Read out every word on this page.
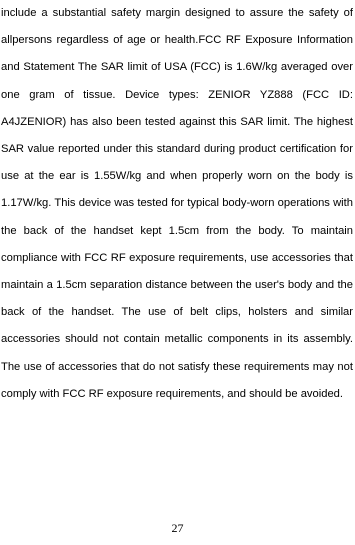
include a substantial safety margin designed to assure the safety of allpersons regardless of age or health.FCC RF Exposure Information and Statement The SAR limit of USA (FCC) is 1.6W/kg averaged over one gram of tissue. Device types: ZENIOR YZ888 (FCC ID: A4JZENIOR) has also been tested against this SAR limit. The highest SAR value reported under this standard during product certification for use at the ear is 1.55W/kg and when properly worn on the body is 1.17W/kg. This device was tested for typical body-worn operations with the back of the handset kept 1.5cm from the body. To maintain compliance with FCC RF exposure requirements, use accessories that maintain a 1.5cm separation distance between the user's body and the back of the handset. The use of belt clips, holsters and similar accessories should not contain metallic components in its assembly. The use of accessories that do not satisfy these requirements may not comply with FCC RF exposure requirements, and should be avoided.

27
